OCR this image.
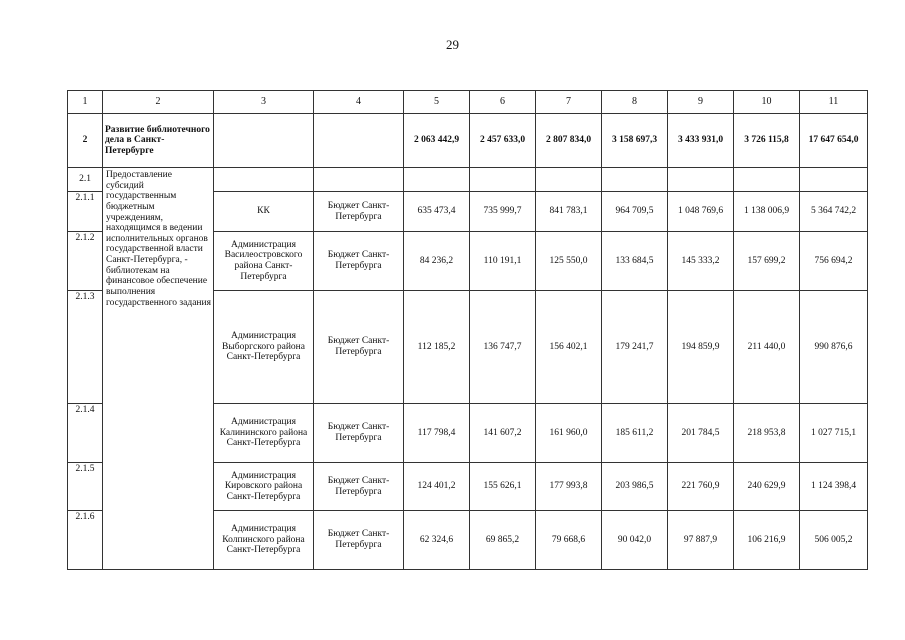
29
1	2	3	4	5	6	7	8	9	10	11
2	Развитие библиотечного дела в Санкт-Петербурге			2 063 442,9	2 457 633,0	2 807 834,0	3 158 697,3	3 433 931,0	3 726 115,8	17 647 654,0
2.1	Предоставление субсидий государственным бюджетным учреждениям, находящимся в ведении исполнительных органов государственной власти Санкт-Петербурга, - библиотекам на финансовое обеспечение выполнения государственного задания									
2.1.1		КК	Бюджет Санкт-Петербурга	635 473,4	735 999,7	841 783,1	964 709,5	1 048 769,6	1 138 006,9	5 364 742,2
2.1.2		Администрация Василеостровского района Санкт-Петербурга	Бюджет Санкт-Петербурга	84 236,2	110 191,1	125 550,0	133 684,5	145 333,2	157 699,2	756 694,2
2.1.3		Администрация Выборгского района Санкт-Петербурга	Бюджет Санкт-Петербурга	112 185,2	136 747,7	156 402,1	179 241,7	194 859,9	211 440,0	990 876,6
2.1.4		Администрация Калининского района Санкт-Петербурга	Бюджет Санкт-Петербурга	117 798,4	141 607,2	161 960,0	185 611,2	201 784,5	218 953,8	1 027 715,1
2.1.5		Администрация Кировского района Санкт-Петербурга	Бюджет Санкт-Петербурга	124 401,2	155 626,1	177 993,8	203 986,5	221 760,9	240 629,9	1 124 398,4
2.1.6		Администрация Колпинского района Санкт-Петербурга	Бюджет Санкт-Петербурга	62 324,6	69 865,2	79 668,6	90 042,0	97 887,9	106 216,9	506 005,2
